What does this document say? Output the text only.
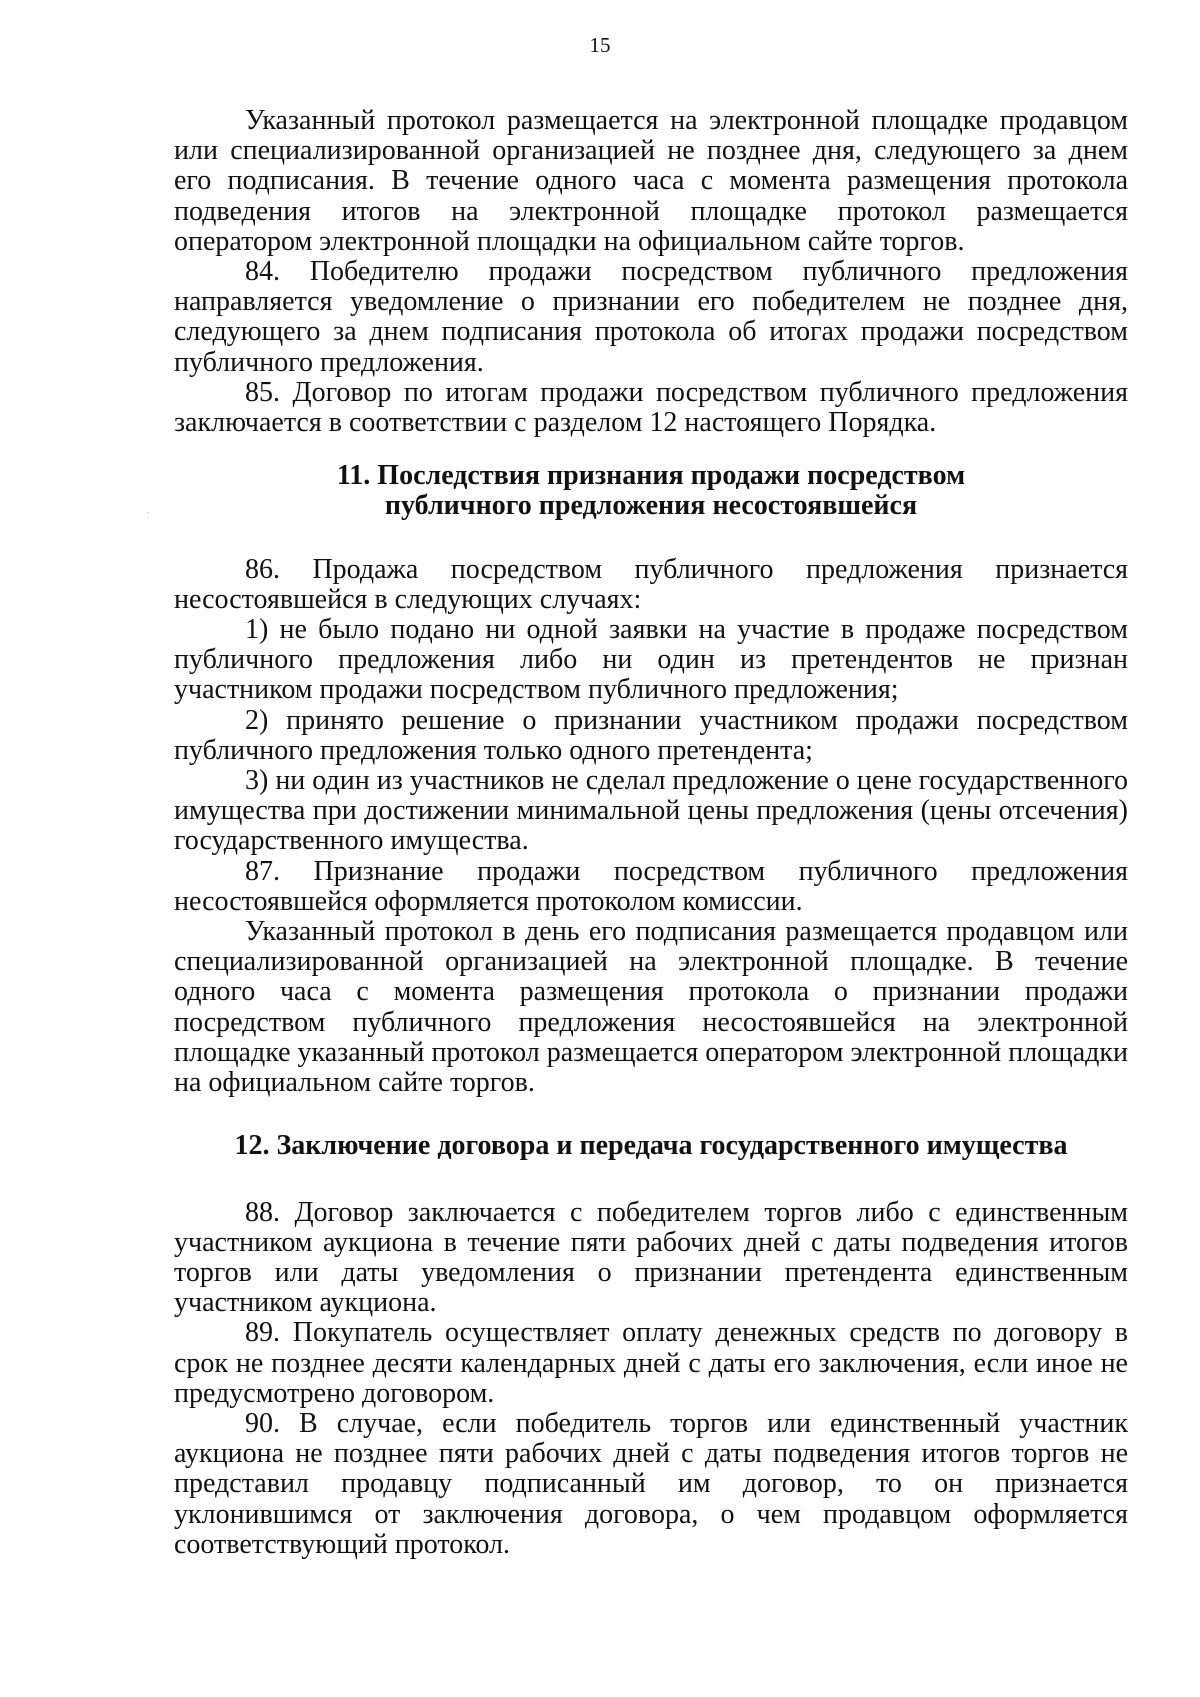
15

Указанный протокол размещается на электронной площадке продавцом или специализированной организацией не позднее дня, следующего за днем его подписания. В течение одного часа с момента размещения протокола подведения итогов на электронной площадке протокол размещается оператором электронной площадки на официальном сайте торгов.

84. Победителю продажи посредством публичного предложения направляется уведомление о признании его победителем не позднее дня, следующего за днем подписания протокола об итогах продажи посредством публичного предложения.

85. Договор по итогам продажи посредством публичного предложения заключается в соответствии с разделом 12 настоящего Порядка.

11. Последствия признания продажи посредством публичного предложения несостоявшейся

86. Продажа посредством публичного предложения признается несостоявшейся в следующих случаях:

1) не было подано ни одной заявки на участие в продаже посредством публичного предложения либо ни один из претендентов не признан участником продажи посредством публичного предложения;

2) принято решение о признании участником продажи посредством публичного предложения только одного претендента;

3) ни один из участников не сделал предложение о цене государственного имущества при достижении минимальной цены предложения (цены отсечения) государственного имущества.

87. Признание продажи посредством публичного предложения несостоявшейся оформляется протоколом комиссии.

Указанный протокол в день его подписания размещается продавцом или специализированной организацией на электронной площадке. В течение одного часа с момента размещения протокола о признании продажи посредством публичного предложения несостоявшейся на электронной площадке указанный протокол размещается оператором электронной площадки на официальном сайте торгов.

12. Заключение договора и передача государственного имущества

88. Договор заключается с победителем торгов либо с единственным участником аукциона в течение пяти рабочих дней с даты подведения итогов торгов или даты уведомления о признании претендента единственным участником аукциона.

89. Покупатель осуществляет оплату денежных средств по договору в срок не позднее десяти календарных дней с даты его заключения, если иное не предусмотрено договором.

90. В случае, если победитель торгов или единственный участник аукциона не позднее пяти рабочих дней с даты подведения итогов торгов не представил продавцу подписанный им договор, то он признается уклонившимся от заключения договора, о чем продавцом оформляется соответствующий протокол.
